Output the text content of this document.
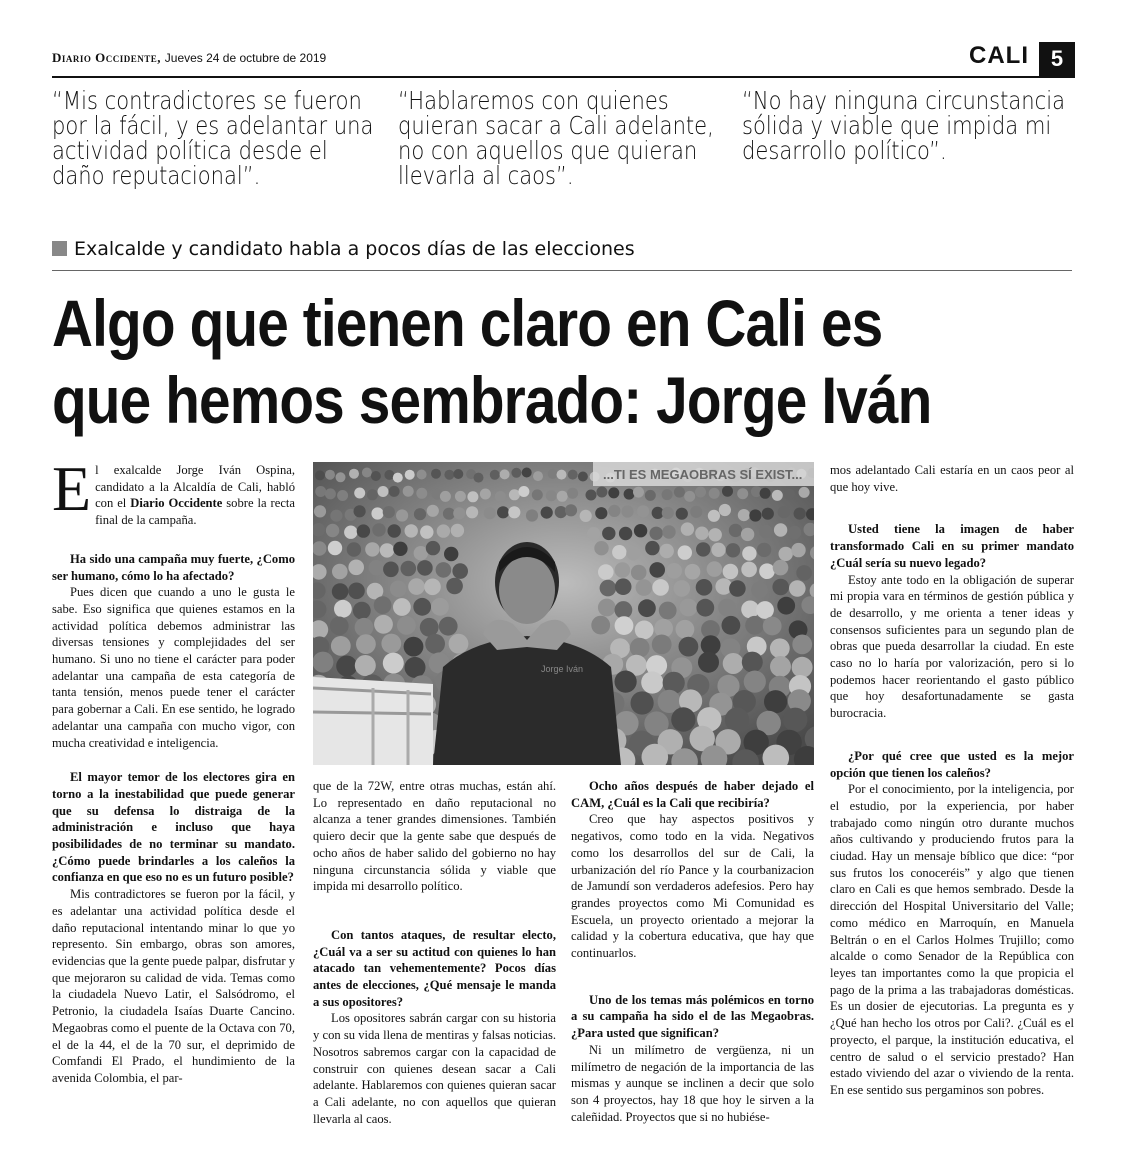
Diario Occidente, Jueves 24 de octubre de 2019	CALI 5
“Mis contradictores se fueron por la fácil, y es adelantar una actividad política desde el daño reputacional”.
“Hablaremos con quienes quieran sacar a Cali adelante, no con aquellos que quieran llevarla al caos”.
“No hay ninguna circunstancia sólida y viable que impida mi desarrollo político”.
Exalcalde y candidato habla a pocos días de las elecciones
Algo que tienen claro en Cali es
que hemos sembrado: Jorge Iván

El exalcalde Jorge Iván Ospina, candidato a la Alcaldía de Cali, habló con el Diario Occidente sobre la recta final de la campaña.

Ha sido una campaña muy fuerte, ¿Como ser humano, cómo lo ha afectado?

Pues dicen que cuando a uno le gusta le sabe. Eso significa que quienes estamos en la actividad política debemos administrar las diversas tensiones y complejidades del ser humano. Si uno no tiene el carácter para poder adelantar una campaña de esta categoría de tanta tensión, menos puede tener el carácter para gobernar a Cali. En ese sentido, he logrado adelantar una campaña con mucho vigor, con mucha creatividad e inteligencia.

El mayor temor de los electores gira en torno a la inestabilidad que puede generar que su defensa lo distraiga de la administración e incluso que haya posibilidades de no terminar su mandato. ¿Cómo puede brindarles a los caleños la confianza en que eso no es un futuro posible?

Mis contradictores se fueron por la fácil, y es adelantar una actividad política desde el daño reputacional intentando minar lo que yo represento. Sin embargo, obras son amores, evidencias que la gente puede palpar, disfrutar y que mejoraron su calidad de vida. Temas como la ciudadela Nuevo Latir, el Salsódromo, el Petronio, la ciudadela Isaías Duarte Cancino. Megaobras como el puente de la Octava con 70, el de la 44, el de la 70 sur, el deprimido de Comfandi El Prado, el hundimiento de la avenida Colombia, el par-

...TI ES MEGAOBRAS SÍ EXIST...
Jorge Iván

que de la 72W, entre otras muchas, están ahí. Lo representado en daño reputacional no alcanza a tener grandes dimensiones. También quiero decir que la gente sabe que después de ocho años de haber salido del gobierno no hay ninguna circunstancia sólida y viable que impida mi desarrollo político.

Con tantos ataques, de resultar electo, ¿Cuál va a ser su actitud con quienes lo han atacado tan vehementemente? Pocos días antes de elecciones, ¿Qué mensaje le manda a sus opositores?

Los opositores sabrán cargar con su historia y con su vida llena de mentiras y falsas noticias. Nosotros sabremos cargar con la capacidad de construir con quienes desean sacar a Cali adelante. Hablaremos con quienes quieran sacar a Cali adelante, no con aquellos que quieran llevarla al caos.

Ocho años después de haber dejado el CAM, ¿Cuál es la Cali que recibiría?

Creo que hay aspectos positivos y negativos, como todo en la vida. Negativos como los desarrollos del sur de Cali, la urbanización del río Pance y la courbanizacion de Jamundí son verdaderos adefesios. Pero hay grandes proyectos como Mi Comunidad es Escuela, un proyecto orientado a mejorar la calidad y la cobertura educativa, que hay que continuarlos.

Uno de los temas más polémicos en torno a su campaña ha sido el de las Megaobras. ¿Para usted que significan?

Ni un milímetro de vergüenza, ni un milímetro de negación de la importancia de las mismas y aunque se inclinen a decir que solo son 4 proyectos, hay 18 que hoy le sirven a la caleñidad. Proyectos que si no hubiése-

mos adelantado Cali estaría en un caos peor al que hoy vive.

Usted tiene la imagen de haber transformado Cali en su primer mandato ¿Cuál sería su nuevo legado?

Estoy ante todo en la obligación de superar mi propia vara en términos de gestión pública y de desarrollo, y me orienta a tener ideas y consensos suficientes para un segundo plan de obras que pueda desarrollar la ciudad. En este caso no lo haría por valorización, pero si lo podemos hacer reorientando el gasto público que hoy desafortunadamente se gasta burocracia.

¿Por qué cree que usted es la mejor opción que tienen los caleños?

Por el conocimiento, por la inteligencia, por el estudio, por la experiencia, por haber trabajado como ningún otro durante muchos años cultivando y produciendo frutos para la ciudad. Hay un mensaje bíblico que dice: “por sus frutos los conoceréis” y algo que tienen claro en Cali es que hemos sembrado. Desde la dirección del Hospital Universitario del Valle; como médico en Marroquín, en Manuela Beltrán o en el Carlos Holmes Trujillo; como alcalde o como Senador de la República con leyes tan importantes como la que propicia el pago de la prima a las trabajadoras domésticas. Es un dosier de ejecutorias. La pregunta es y ¿Qué han hecho los otros por Cali?. ¿Cuál es el proyecto, el parque, la institución educativa, el centro de salud o el servicio prestado? Han estado viviendo del azar o viviendo de la renta. En ese sentido sus pergaminos son pobres.
